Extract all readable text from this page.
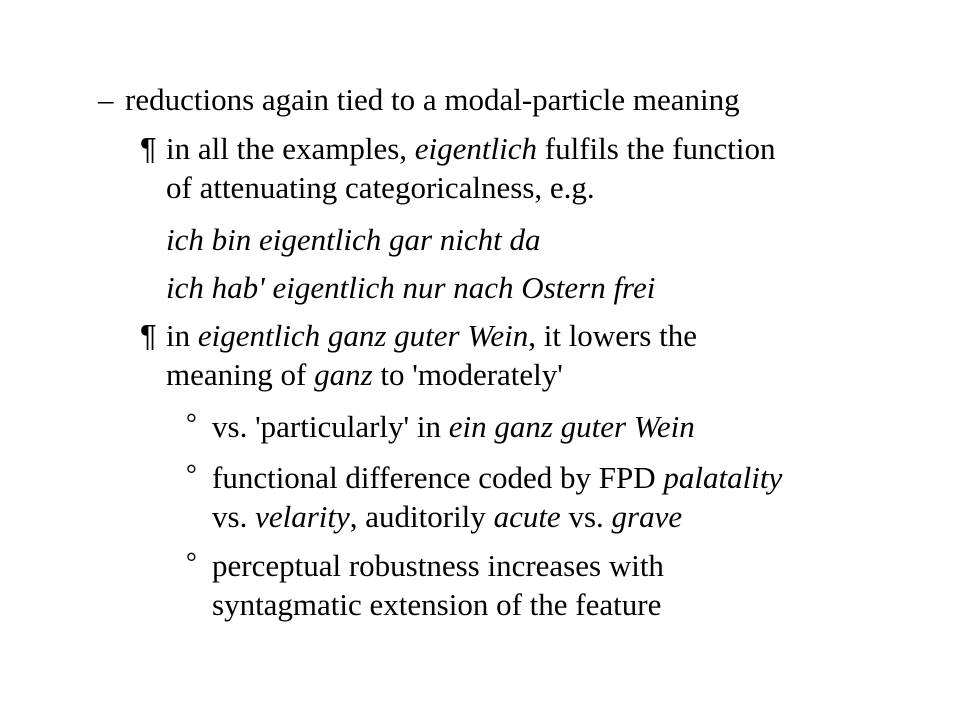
– reductions again tied to a modal-particle meaning
¶ in all the examples, eigentlich fulfils the function
of attenuating categoricalness, e.g.
ich bin eigentlich gar nicht da
ich hab' eigentlich nur nach Ostern frei
¶ in eigentlich ganz guter Wein, it lowers the
meaning of ganz to 'moderately'
° vs. 'particularly' in ein ganz guter Wein
° functional difference coded by FPD palatality
vs. velarity, auditorily acute vs. grave
° perceptual robustness increases with
syntagmatic extension of the feature
